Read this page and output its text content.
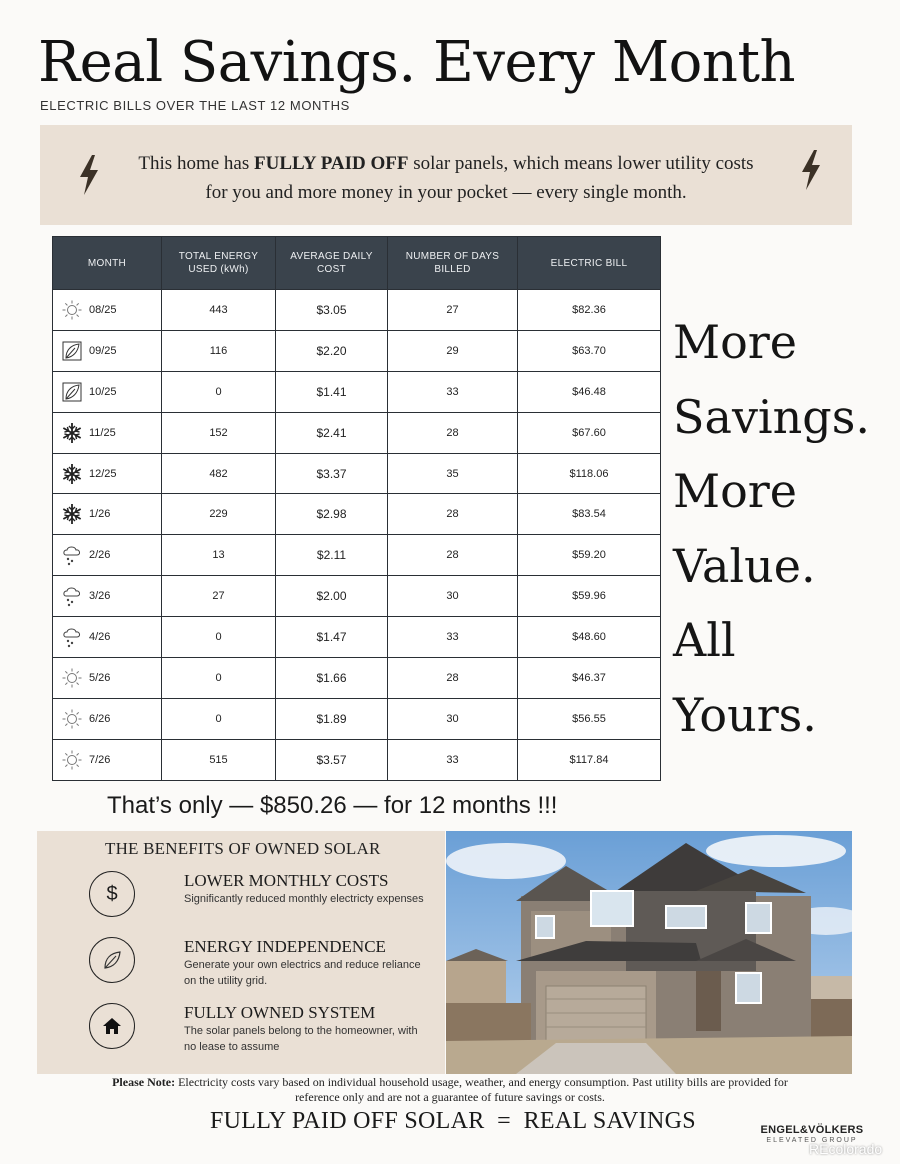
Real Savings. Every Month
ELECTRIC BILLS OVER THE LAST 12 MONTHS
This home has FULLY PAID OFF solar panels, which means lower utility costs
for you and more money in your pocket — every single month.
MONTH	TOTAL ENERGY USED (kWh)	AVERAGE DAILY COST	NUMBER OF DAYS BILLED	ELECTRIC BILL
08/25	443	$3.05	27	$82.36
09/25	116	$2.20	29	$63.70
10/25	0	$1.41	33	$46.48
11/25	152	$2.41	28	$67.60
12/25	482	$3.37	35	$118.06
1/26	229	$2.98	28	$83.54
2/26	13	$2.11	28	$59.20
3/26	27	$2.00	30	$59.96
4/26	0	$1.47	33	$48.60
5/26	0	$1.66	28	$46.37
6/26	0	$1.89	30	$56.55
7/26	515	$3.57	33	$117.84
More
Savings.
More
Value.
All
Yours.
That’s only — $850.26 — for 12 months !!!
THE BENEFITS OF OWNED SOLAR
$
LOWER MONTHLY COSTS
Significantly reduced monthly electricty expenses
ENERGY INDEPENDENCE
Generate your own electrics and reduce reliance on the utility grid.
FULLY OWNED SYSTEM
The solar panels belong to the homeowner, with no lease to assume
Please Note: Electricity costs vary based on individual household usage, weather, and energy consumption. Past utility bills are provided for reference only and are not a guarantee of future savings or costs.
FULLY PAID OFF SOLAR  =  REAL SAVINGS	ENGEL&VÖLKERS
ELEVATED GROUP
REcolorado
